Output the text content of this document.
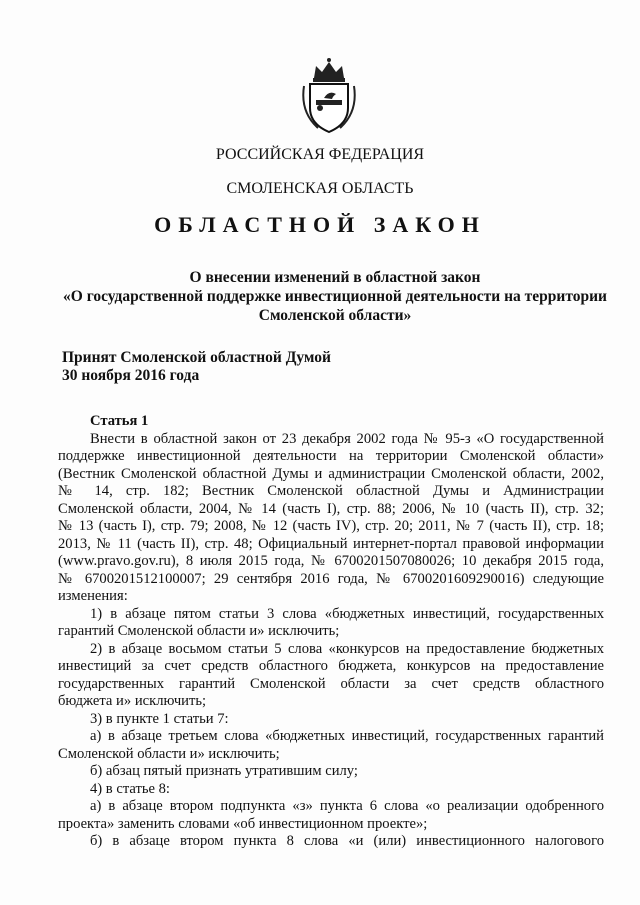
РОССИЙСКАЯ ФЕДЕРАЦИЯ
СМОЛЕНСКАЯ ОБЛАСТЬ
ОБЛАСТНОЙ ЗАКОН
О внесении изменений в областной закон
«О государственной поддержке инвестиционной деятельности на территории
Смоленской области»
Принят Смоленской областной Думой
30 ноября 2016 года
Статья 1
Внести в областной закон от 23 декабря 2002 года № 95-з «О государственной
поддержке инвестиционной деятельности на территории Смоленской области»
(Вестник Смоленской областной Думы и администрации Смоленской области, 2002,
№ 14, стр. 182; Вестник Смоленской областной Думы и Администрации
Смоленской области, 2004, № 14 (часть I), стр. 88; 2006, № 10 (часть II), стр. 32;
№ 13 (часть I), стр. 79; 2008, № 12 (часть IV), стр. 20; 2011, № 7 (часть II), стр. 18;
2013, № 11 (часть II), стр. 48; Официальный интернет-портал правовой информации
(www.pravo.gov.ru), 8 июля 2015 года, № 6700201507080026; 10 декабря 2015 года,
№ 6700201512100007; 29 сентября 2016 года, № 6700201609290016) следующие
изменения:
1) в абзаце пятом статьи 3 слова «бюджетных инвестиций, государственных
гарантий Смоленской области и» исключить;
2) в абзаце восьмом статьи 5 слова «конкурсов на предоставление бюджетных
инвестиций за счет средств областного бюджета, конкурсов на предоставление
государственных гарантий Смоленской области за счет средств областного
бюджета и» исключить;
3) в пункте 1 статьи 7:
а) в абзаце третьем слова «бюджетных инвестиций, государственных гарантий
Смоленской области и» исключить;
б) абзац пятый признать утратившим силу;
4) в статье 8:
а) в абзаце втором подпункта «з» пункта 6 слова «о реализации одобренного
проекта» заменить словами «об инвестиционном проекте»;
б) в абзаце втором пункта 8 слова «и (или) инвестиционного налогового
